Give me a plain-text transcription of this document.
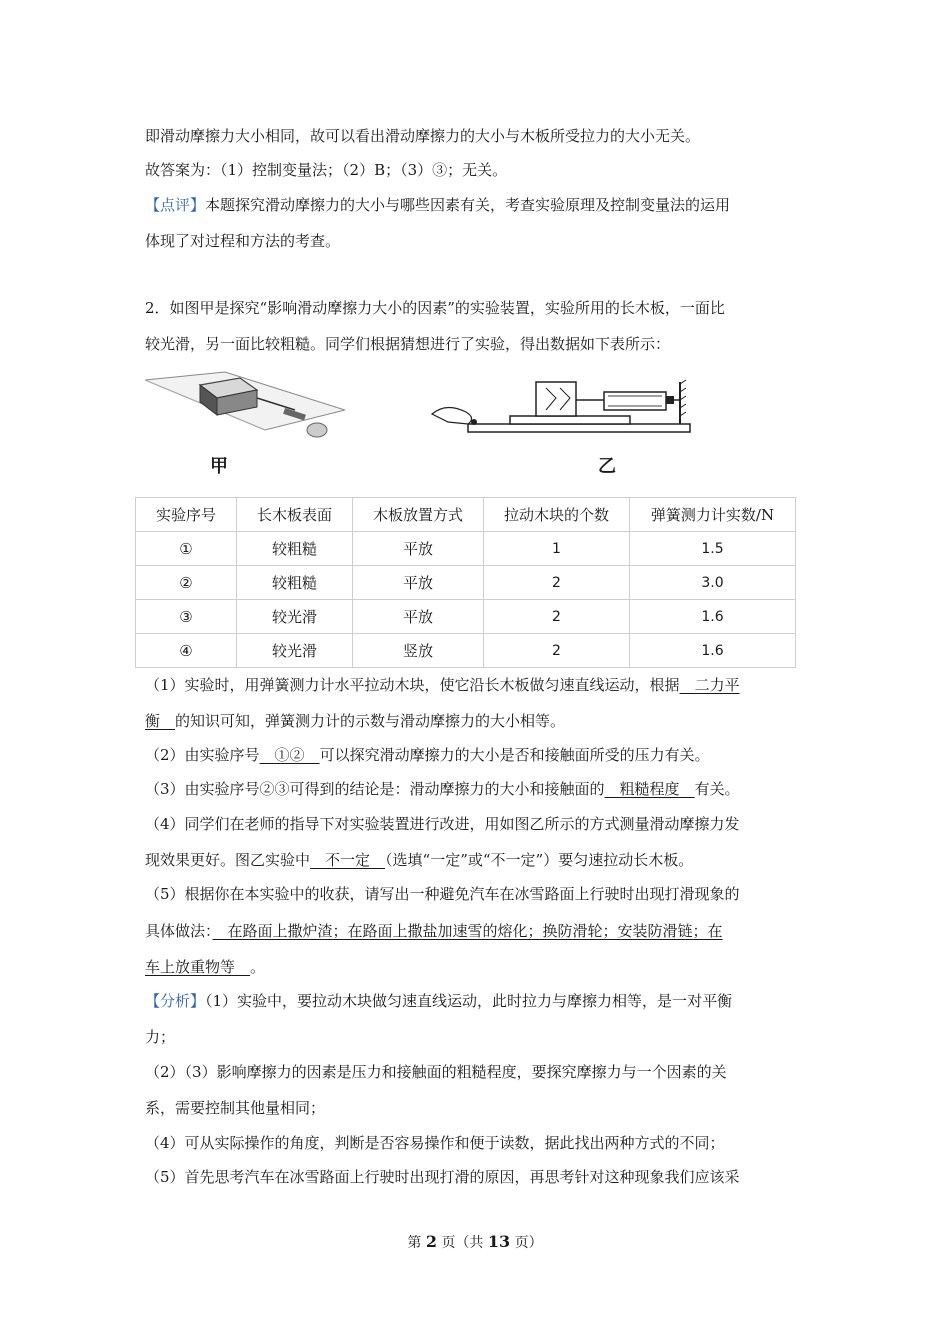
即滑动摩擦力大小相同，故可以看出滑动摩擦力的大小与木板所受拉力的大小无关。
故答案为：（1）控制变量法；（2）B；（3）③；无关。
【点评】本题探究滑动摩擦力的大小与哪些因素有关，考查实验原理及控制变量法的运用
体现了对过程和方法的考查。
2．如图甲是探究“影响滑动摩擦力大小的因素”的实验装置，实验所用的长木板，一面比
较光滑，另一面比较粗糙。同学们根据猜想进行了实验，得出数据如下表所示：
甲	乙
实验序号	长木板表面	木板放置方式	拉动木块的个数	弹簧测力计实数/N
①	较粗糙	平放	1	1.5
②	较粗糙	平放	2	3.0
③	较光滑	平放	2	1.6
④	较光滑	竖放	2	1.6
（1）实验时，用弹簧测力计水平拉动木块，使它沿长木板做匀速直线运动，根据　二力平
衡　的知识可知，弹簧测力计的示数与滑动摩擦力的大小相等。
（2）由实验序号　①②　可以探究滑动摩擦力的大小是否和接触面所受的压力有关。
（3）由实验序号②③可得到的结论是：滑动摩擦力的大小和接触面的　粗糙程度　有关。
（4）同学们在老师的指导下对实验装置进行改进，用如图乙所示的方式测量滑动摩擦力发
现效果更好。图乙实验中　不一定　（选填“一定”或“不一定”）要匀速拉动长木板。
（5）根据你在本实验中的收获，请写出一种避免汽车在冰雪路面上行驶时出现打滑现象的
具体做法：　在路面上撒炉渣；在路面上撒盐加速雪的熔化；换防滑轮；安装防滑链；在
车上放重物等　。
【分析】（1）实验中，要拉动木块做匀速直线运动，此时拉力与摩擦力相等，是一对平衡
力；
（2）（3）影响摩擦力的因素是压力和接触面的粗糙程度，要探究摩擦力与一个因素的关
系，需要控制其他量相同；
（4）可从实际操作的角度，判断是否容易操作和便于读数，据此找出两种方式的不同；
（5）首先思考汽车在冰雪路面上行驶时出现打滑的原因，再思考针对这种现象我们应该采
第 2 页（共 13 页）
